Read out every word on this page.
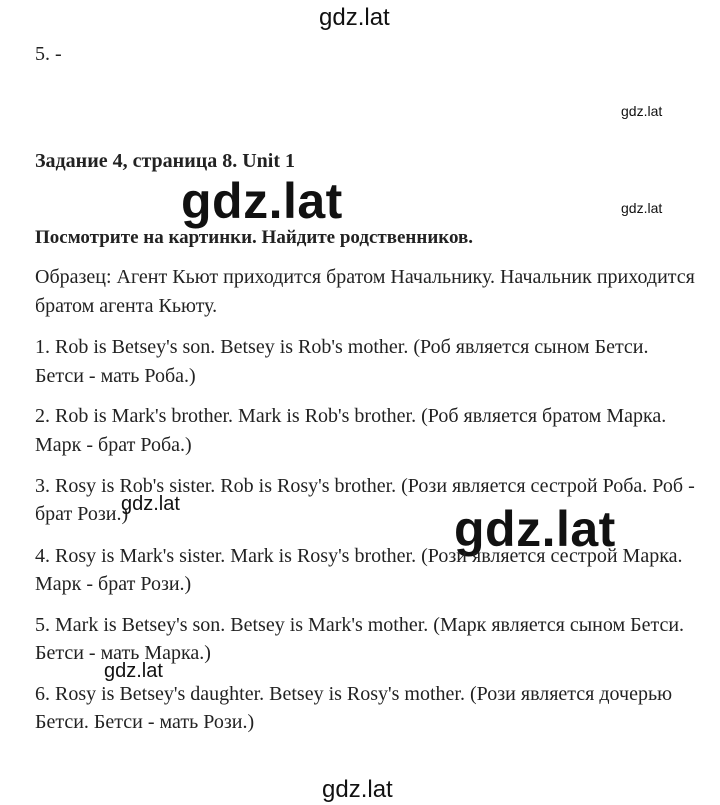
gdz.lat
gdz.lat
gdz.lat
5. -
Задание 4, страница 8. Unit 1
gdz.lat
Посмотрите на картинки. Найдите родственников.
Образец: Агент Кьют приходится братом Начальнику. Начальник приходится
братом агента Кьюту.
1. Rob is Betsey's son. Betsey is Rob's mother. (Роб является сыном Бетси.
Бетси - мать Роба.)
2. Rob is Mark's brother. Mark is Rob's brother. (Роб является братом Марка.
Марк - брат Роба.)
3. Rosy is Rob's sister. Rob is Rosy's brother. (Рози является сестрой Роба. Роб -
брат Рози.)
gdz.lat	gdz.lat
4. Rosy is Mark's sister. Mark is Rosy's brother. (Рози является сестрой Марка.
Марк - брат Рози.)
5. Mark is Betsey's son. Betsey is Mark's mother. (Марк является сыном Бетси.
Бетси - мать Марка.)
gdz.lat
6. Rosy is Betsey's daughter. Betsey is Rosy's mother. (Рози является дочерью
Бетси. Бетси - мать Рози.)
gdz.lat
